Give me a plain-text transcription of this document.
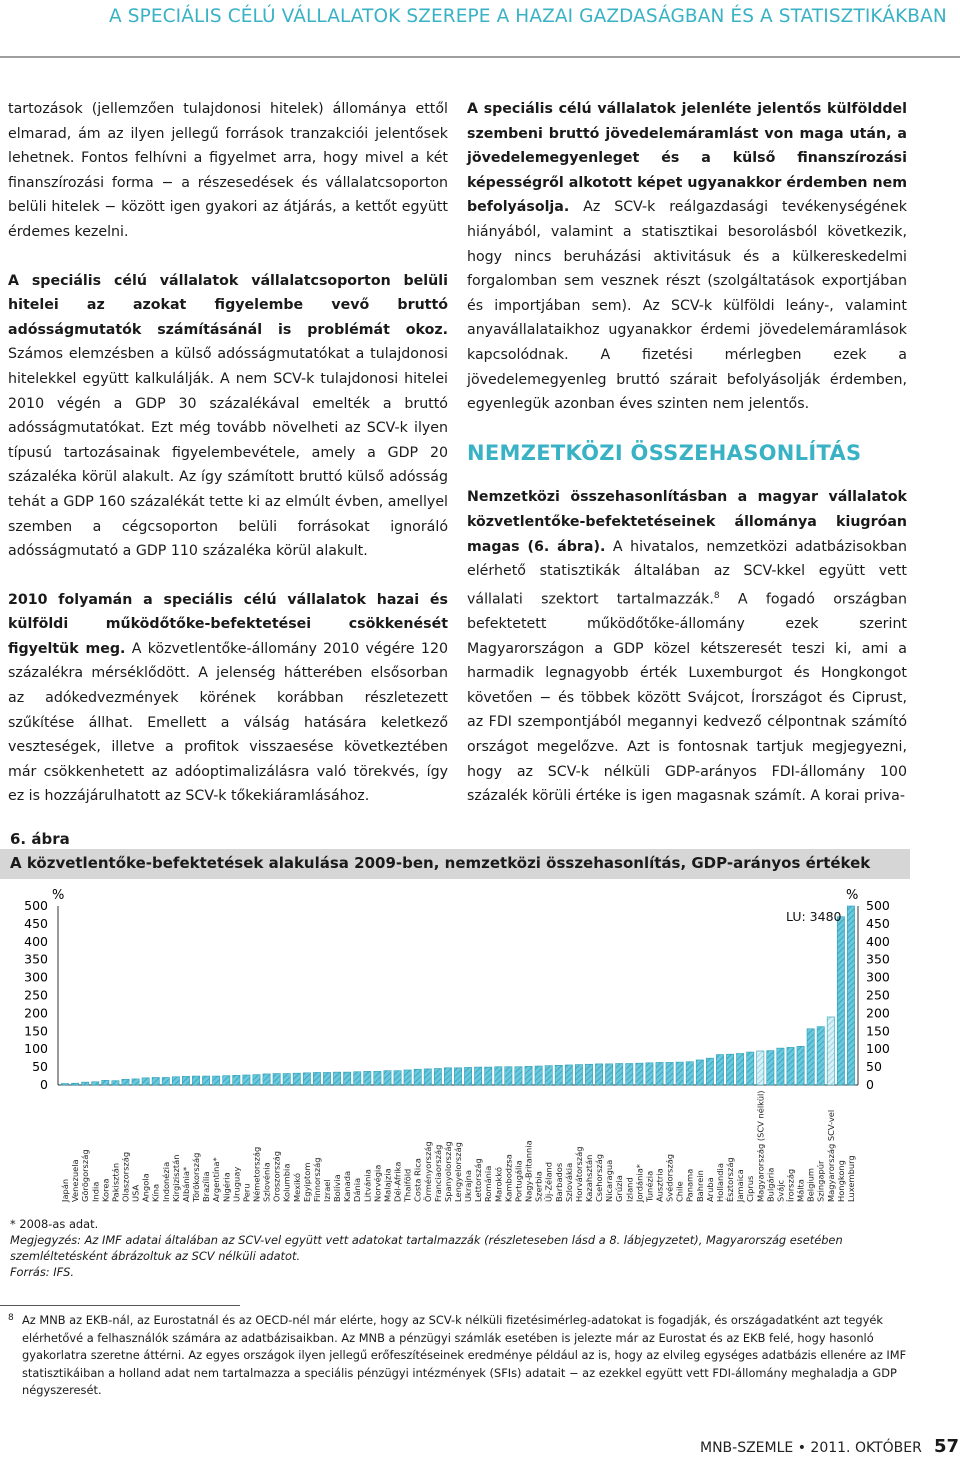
A SPECIÁLIS CÉLÚ VÁLLALATOK SZEREPE A HAZAI GAZDASÁGBAN ÉS A STATISZTIKÁKBAN

tartozások (jellemzően tulajdonosi hitelek) állománya ettől elmarad, ám az ilyen jellegű források tranzakciói jelentősek lehetnek. Fontos felhívni a figyelmet arra, hogy mivel a két finanszírozási forma − a részesedések és vállalatcsoporton belüli hitelek − között igen gyakori az átjárás, a kettőt együtt érdemes kezelni.

A speciális célú vállalatok vállalatcsoporton belüli hitelei az azokat figyelembe vevő bruttó adósságmutatók számításánál is problémát okoz. Számos elemzésben a külső adósságmutatókat a tulajdonosi hitelekkel együtt kalkulálják. A nem SCV-k tulajdonosi hitelei 2010 végén a GDP 30 százalékával emelték a bruttó adósságmutatókat. Ezt még tovább növelheti az SCV-k ilyen típusú tartozásainak figyelembevétele, amely a GDP 20 százaléka körül alakult. Az így számított bruttó külső adósság tehát a GDP 160 százalékát tette ki az elmúlt évben, amellyel szemben a cégcsoporton belüli forrásokat ignoráló adósságmutató a GDP 110 százaléka körül alakult.

2010 folyamán a speciális célú vállalatok hazai és külföldi működőtőke-befektetései csökkenését figyeltük meg. A közvetlentőke-állomány 2010 végére 120 százalékra mérséklődött. A jelenség hátterében elsősorban az adókedvezmények körének korábban részletezett szűkítése állhat. Emellett a válság hatására keletkező veszteségek, illetve a profitok visszaesése következtében már csökkenhetett az adóoptimalizálásra való törekvés, így ez is hozzájárulhatott az SCV-k tőkekiáramlásához.

A speciális célú vállalatok jelenléte jelentős külfölddel szembeni bruttó jövedelemáramlást von maga után, a jövedelemegyenleget és a külső finanszírozási képességről alkotott képet ugyanakkor érdemben nem befolyásolja. Az SCV-k reálgazdasági tevékenységének hiányából, valamint a statisztikai besorolásból következik, hogy nincs beruházási aktivitásuk és a külkereskedelmi forgalomban sem vesznek részt (szolgáltatások exportjában és importjában sem). Az SCV-k külföldi leány-, valamint anyavállalataikhoz ugyanakkor érdemi jövedelemáramlások kapcsolódnak. A fizetési mérlegben ezek a jövedelemegyenleg bruttó szárait befolyásolják érdemben, egyenlegük azonban éves szinten nem jelentős.

NEMZETKÖZI ÖSSZEHASONLÍTÁS

Nemzetközi összehasonlításban a magyar vállalatok közvetlentőke-befektetéseinek állománya kiugróan magas (6. ábra). A hivatalos, nemzetközi adatbázisokban elérhető statisztikák általában az SCV-kkel együtt vett vállalati szektort tartalmazzák.$^8$ A fogadó országban befektetett működőtőke-állomány ezek szerint Magyarországon a GDP közel kétszeresét teszi ki, ami a harmadik legnagyobb érték Luxemburgot és Hongkongot követően − és többek között Svájcot, Írországot és Ciprust, az FDI szempontjából megannyi kedvező célpontnak számító országot megelőzve. Azt is fontosnak tartjuk megjegyezni, hogy az SCV-k nélküli GDP-arányos FDI-állomány 100 százalék körüli értéke is igen magasnak számít. A korai priva-

6. ábra
A közvetlentőke-befektetések alakulása 2009-ben, nemzetközi összehasonlítás, GDP-arányos értékek
%	%
0	0
50	50
100	100
150	150
200	200
250	250
300	300
350	350
400	400
450	450
500	500
Japán Venezuela Görögország India Korea Pakisztán Olaszország USA Angola Kína Indonézia Kirgizisztán Albánia* Törökország Brazília Argentína* Nigéria Uruguay Peru Németország Szlovénia Oroszország Kolumbia Mexikó Egyiptom Finnország Izrael Bolívia Kanada Dánia Litvánia Norvégia Malajzia Dél-Afrika Thaiföld Costa Rica Örményország Franciaország Spanyolország Lengyelország Ukrajna Lettország Románia Marokkó Kambodzsa Portugália Nagy-Britannia Szerbia Új-Zéland Barbados Szlovákia Horvátország Kazahsztán Csehország Nicaragua Grúzia Izland Jordánia* Tunézia Ausztria Svédország Chile Panama Bahrein Aruba Hollandia Észtország Jamaica Ciprus Magyarország (SCV nélkül) Bulgária Svájc Írország Málta Belgium Szingapúr Magyarország SCV-vel Hongkong Luxemburg
LU: 3480
* 2008-as adat.
Megjegyzés: Az IMF adatai általában az SCV-vel együtt vett adatokat tartalmazzák (részleteseben lásd a 8. lábjegyzetet), Magyarország esetében szemléltetésként ábrázoltuk az SCV nélküli adatot.
Forrás: IFS.
8 Az MNB az EKB-nál, az Eurostatnál és az OECD-nél már elérte, hogy az SCV-k nélküli fizetésimérleg-adatokat is fogadják, és országadatként azt tegyék elérhetővé a felhasználók számára az adatbázisaikban. Az MNB a pénzügyi számlák esetében is jelezte már az Eurostat és az EKB felé, hogy hasonló gyakorlatra szeretne áttérni. Az egyes országok ilyen jellegű erőfeszítéseinek eredménye például az is, hogy az elvileg egységes adatbázis ellenére az IMF statisztikáiban a holland adat nem tartalmazza a speciális pénzügyi intézmények (SFIs) adatait − az ezekkel együtt vett FDI-állomány meghaladja a GDP négyszeresét.
MNB-SZEMLE • 2011. OKTÓBER 57
